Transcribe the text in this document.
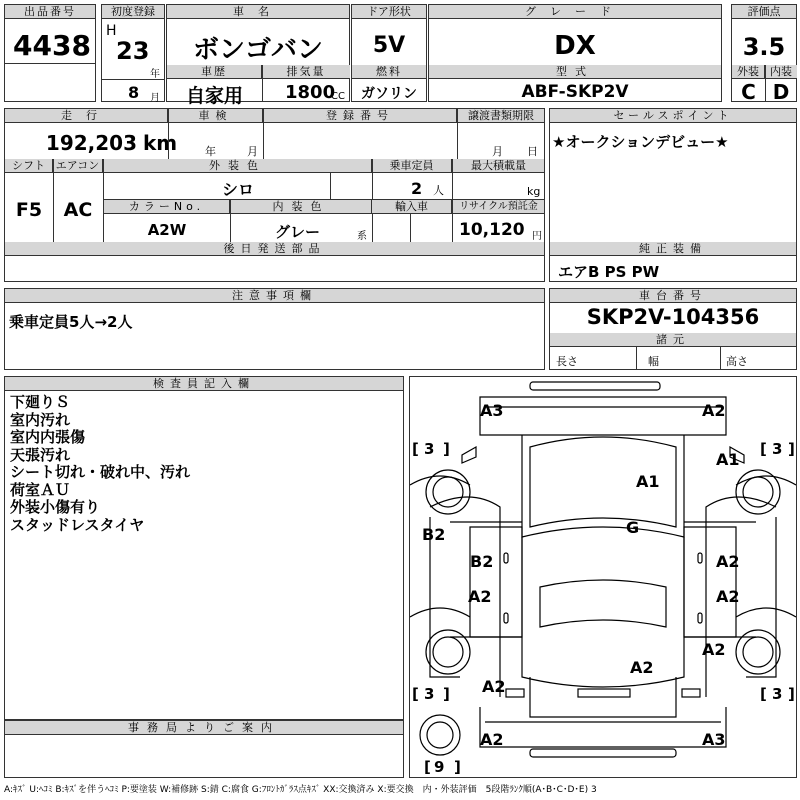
出品番号
4438
初度登録
H
23
年
8 月
車名
ボンゴバン
車歴	排気量
自家用	1800
CC
ドア形状
5V
燃料
ガソリン
グレード
DX
型式
ABF-SKP2V
評価点
3.5
外装	内装
C D
走行
192,203 km
車検
年	月
登録番号	譲渡書類期限
月 日
シフト エアコン
F5	AC
外装色
シロ
乗車定員
2 人
最大積載量
kg
カラーNo.
A2W
内装色
グレー	系
輸入車	リサイクル預託金
10,120 円
後日発送部品
セールスポイント
★オークションデビュー★
純正装備
エアB PS PW
注意事項欄
乗車定員5人→2人
車台番号
SKP2V-104356
諸元
長さ	幅	高さ
検査員記入欄
下廻りＳ
室内汚れ
室内内張傷
天張汚れ
シート切れ・破れ中、汚れ
荷室ＡＵ
外装小傷有り
スタッドレスタイヤ
事務局よりご案内
A3	A2
A1
A1
G
B2
B2
A2
A2
A2
A2
A2
A2
A2	A3
[ 3 ]	[ 3 ]
[ 3 ]	[ 3 ]
[ 9 ]
A:ｷｽﾞ U:ﾍｺﾐ B:ｷｽﾞを伴うﾍｺﾐ P:要塗装 W:補修跡 S:錆 C:腐食 G:ﾌﾛﾝﾄｶﾞﾗｽ点ｷｽﾞ XX:交換済み X:要交換　内・外装評価　5段階ﾗﾝｸ順(A･B･C･D･E) 3
